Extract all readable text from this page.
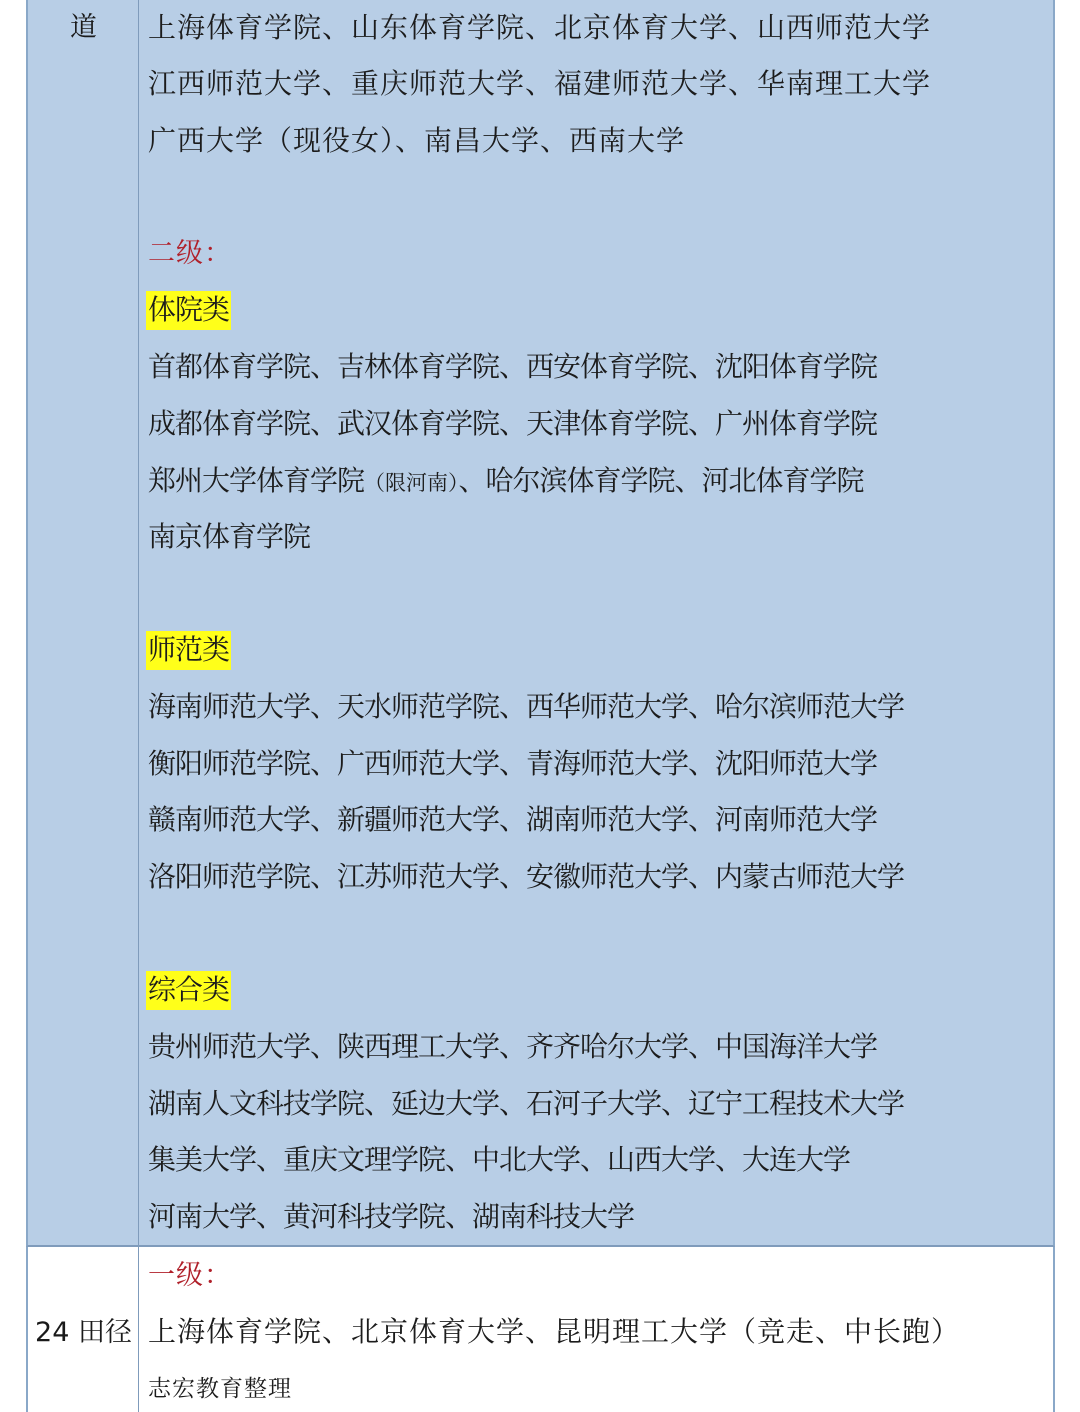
道
24 田径
上海体育学院、山东体育学院、北京体育大学、山西师范大学
江西师范大学、重庆师范大学、福建师范大学、华南理工大学
广西大学（现役女）、南昌大学、西南大学
二级：
体院类
首都体育学院、吉林体育学院、西安体育学院、沈阳体育学院
成都体育学院、武汉体育学院、天津体育学院、广州体育学院
郑州大学体育学院（限河南）、哈尔滨体育学院、河北体育学院
南京体育学院
师范类
海南师范大学、天水师范学院、西华师范大学、哈尔滨师范大学
衡阳师范学院、广西师范大学、青海师范大学、沈阳师范大学
赣南师范大学、新疆师范大学、湖南师范大学、河南师范大学
洛阳师范学院、江苏师范大学、安徽师范大学、内蒙古师范大学
综合类
贵州师范大学、陕西理工大学、齐齐哈尔大学、中国海洋大学
湖南人文科技学院、延边大学、石河子大学、辽宁工程技术大学
集美大学、重庆文理学院、中北大学、山西大学、大连大学
河南大学、黄河科技学院、湖南科技大学
一级：
上海体育学院、北京体育大学、昆明理工大学（竞走、中长跑）
志宏教育整理
